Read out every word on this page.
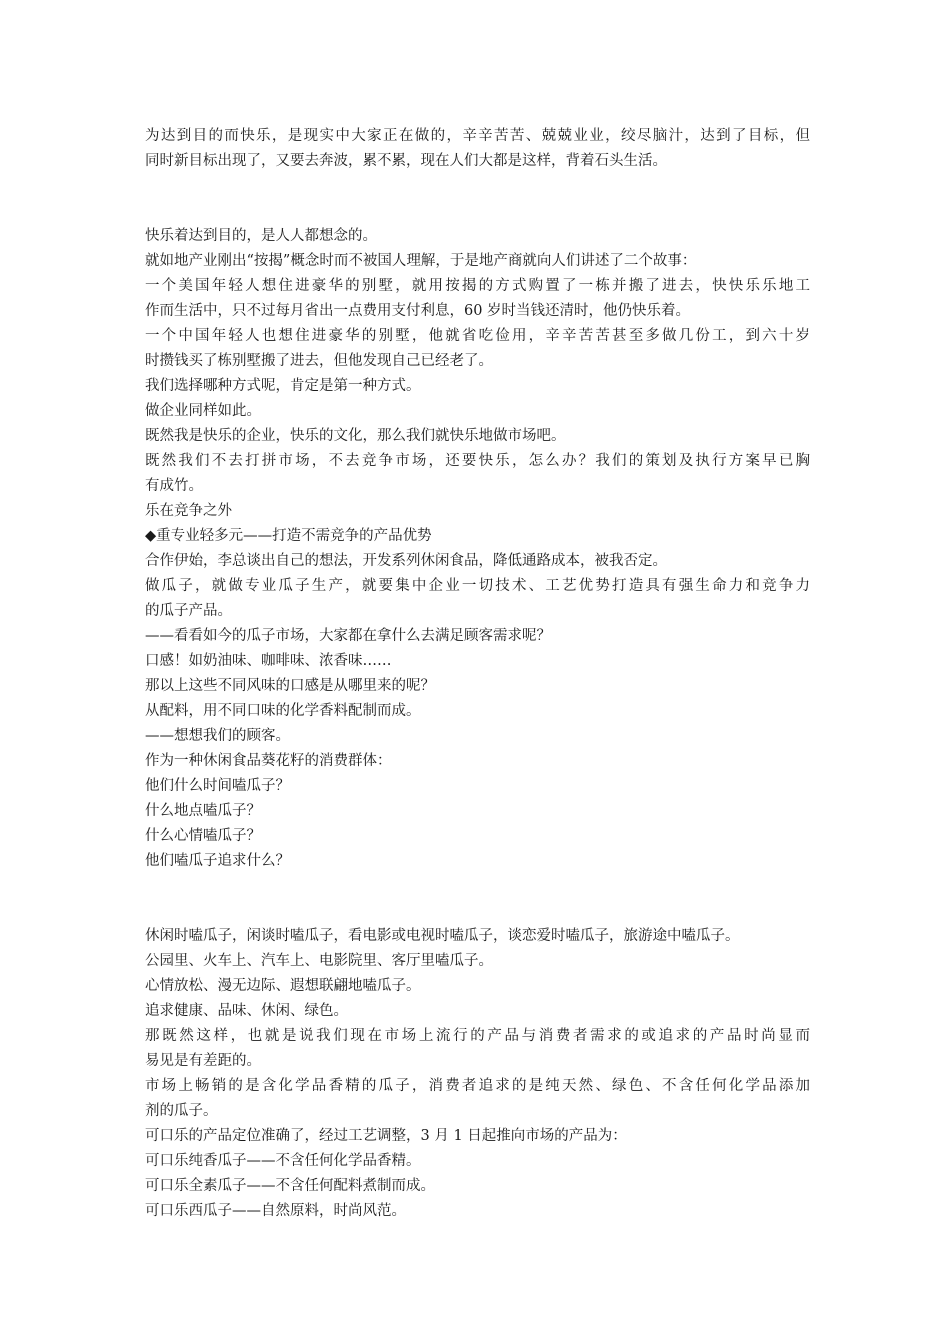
为达到目的而快乐，是现实中大家正在做的，辛辛苦苦、兢兢业业，绞尽脑汁，达到了目标，但

同时新目标出现了，又要去奔波，累不累，现在人们大都是这样，背着石头生活。

快乐着达到目的，是人人都想念的。

就如地产业刚出“按揭”概念时而不被国人理解，于是地产商就向人们讲述了二个故事：

一个美国年轻人想住进豪华的别墅，就用按揭的方式购置了一栋并搬了进去，快快乐乐地工

作而生活中，只不过每月省出一点费用支付利息，60 岁时当钱还清时，他仍快乐着。

一个中国年轻人也想住进豪华的别墅，他就省吃俭用，辛辛苦苦甚至多做几份工，到六十岁

时攒钱买了栋别墅搬了进去，但他发现自己已经老了。

我们选择哪种方式呢，肯定是第一种方式。

做企业同样如此。

既然我是快乐的企业，快乐的文化，那么我们就快乐地做市场吧。

既然我们不去打拼市场，不去竞争市场，还要快乐，怎么办？我们的策划及执行方案早已胸

有成竹。

乐在竞争之外

◆重专业轻多元——打造不需竞争的产品优势

合作伊始，李总谈出自己的想法，开发系列休闲食品，降低通路成本，被我否定。

做瓜子，就做专业瓜子生产，就要集中企业一切技术、工艺优势打造具有强生命力和竞争力

的瓜子产品。

——看看如今的瓜子市场，大家都在拿什么去满足顾客需求呢？

口感！如奶油味、咖啡味、浓香味……

那以上这些不同风味的口感是从哪里来的呢？

从配料，用不同口味的化学香料配制而成。

——想想我们的顾客。

作为一种休闲食品葵花籽的消费群体：

他们什么时间嗑瓜子？

什么地点嗑瓜子？

什么心情嗑瓜子？

他们嗑瓜子追求什么？

休闲时嗑瓜子，闲谈时嗑瓜子，看电影或电视时嗑瓜子，谈恋爱时嗑瓜子，旅游途中嗑瓜子。

公园里、火车上、汽车上、电影院里、客厅里嗑瓜子。

心情放松、漫无边际、遐想联翩地嗑瓜子。

追求健康、品味、休闲、绿色。

那既然这样，也就是说我们现在市场上流行的产品与消费者需求的或追求的产品时尚显而

易见是有差距的。

市场上畅销的是含化学品香精的瓜子，消费者追求的是纯天然、绿色、不含任何化学品添加

剂的瓜子。

可口乐的产品定位准确了，经过工艺调整，3 月 1 日起推向市场的产品为：

可口乐纯香瓜子——不含任何化学品香精。

可口乐全素瓜子——不含任何配料煮制而成。

可口乐西瓜子——自然原料，时尚风范。
